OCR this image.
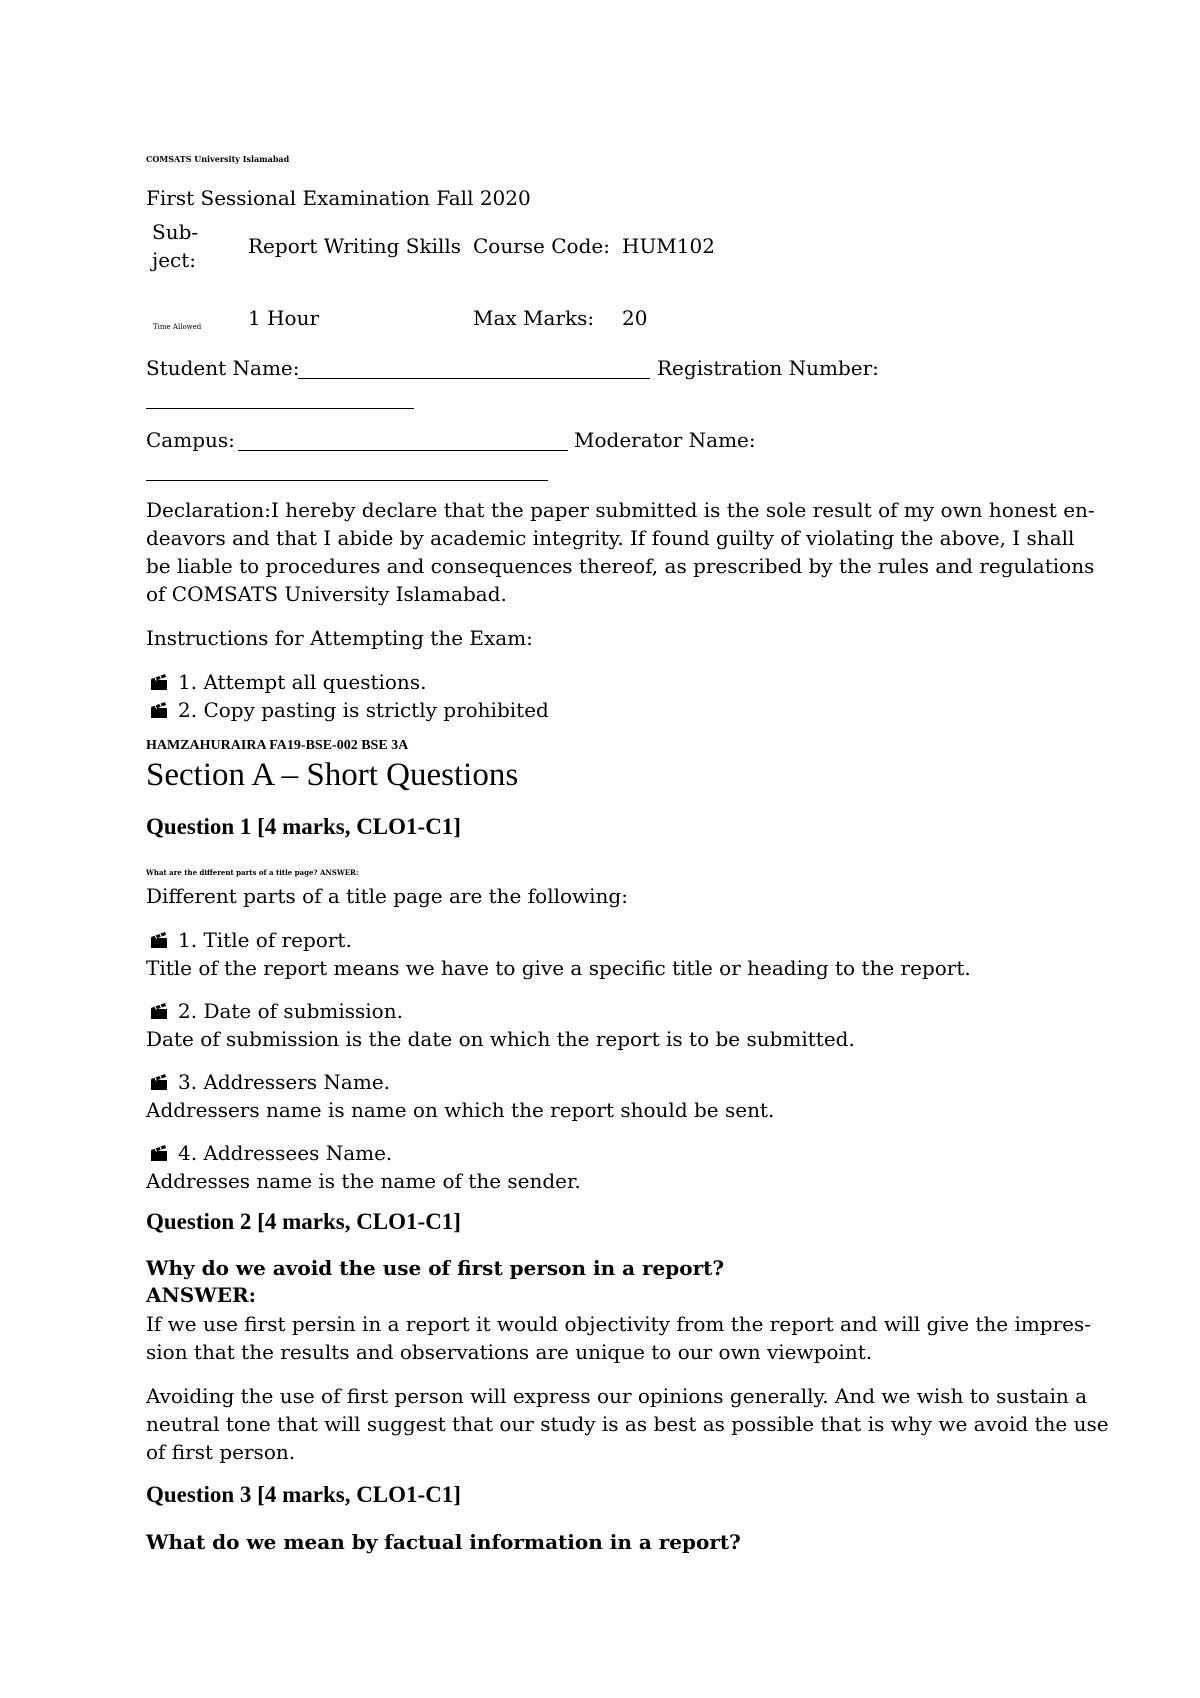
COMSATS University Islamabad
First Sessional Examination Fall 2020
Sub-
ject:
Report Writing Skills Course Code: HUM102
Time Allowed 1 Hour	Max Marks: 20
Student Name:	Registration Number:
Campus:	Moderator Name:
Declaration:I hereby declare that the paper submitted is the sole result of my own honest en-
deavors and that I abide by academic integrity. If found guilty of violating the above, I shall
be liable to procedures and consequences thereof, as prescribed by the rules and regulations
of COMSATS University Islamabad.
Instructions for Attempting the Exam:
1. Attempt all questions.
2. Copy pasting is strictly prohibited
HAMZAHURAIRA FA19-BSE-002 BSE 3A
Section A – Short Questions
Question 1 [4 marks, CLO1-C1]
What are the different parts of a title page? ANSWER:
Different parts of a title page are the following:
1. Title of report.
Title of the report means we have to give a specific title or heading to the report.
2. Date of submission.
Date of submission is the date on which the report is to be submitted.
3. Addressers Name.
Addressers name is name on which the report should be sent.
4. Addressees Name.
Addresses name is the name of the sender.
Question 2 [4 marks, CLO1-C1]
Why do we avoid the use of first person in a report?
ANSWER:
If we use first persin in a report it would objectivity from the report and will give the impres-
sion that the results and observations are unique to our own viewpoint.
Avoiding the use of first person will express our opinions generally. And we wish to sustain a
neutral tone that will suggest that our study is as best as possible that is why we avoid the use
of first person.
Question 3 [4 marks, CLO1-C1]
What do we mean by factual information in a report?
